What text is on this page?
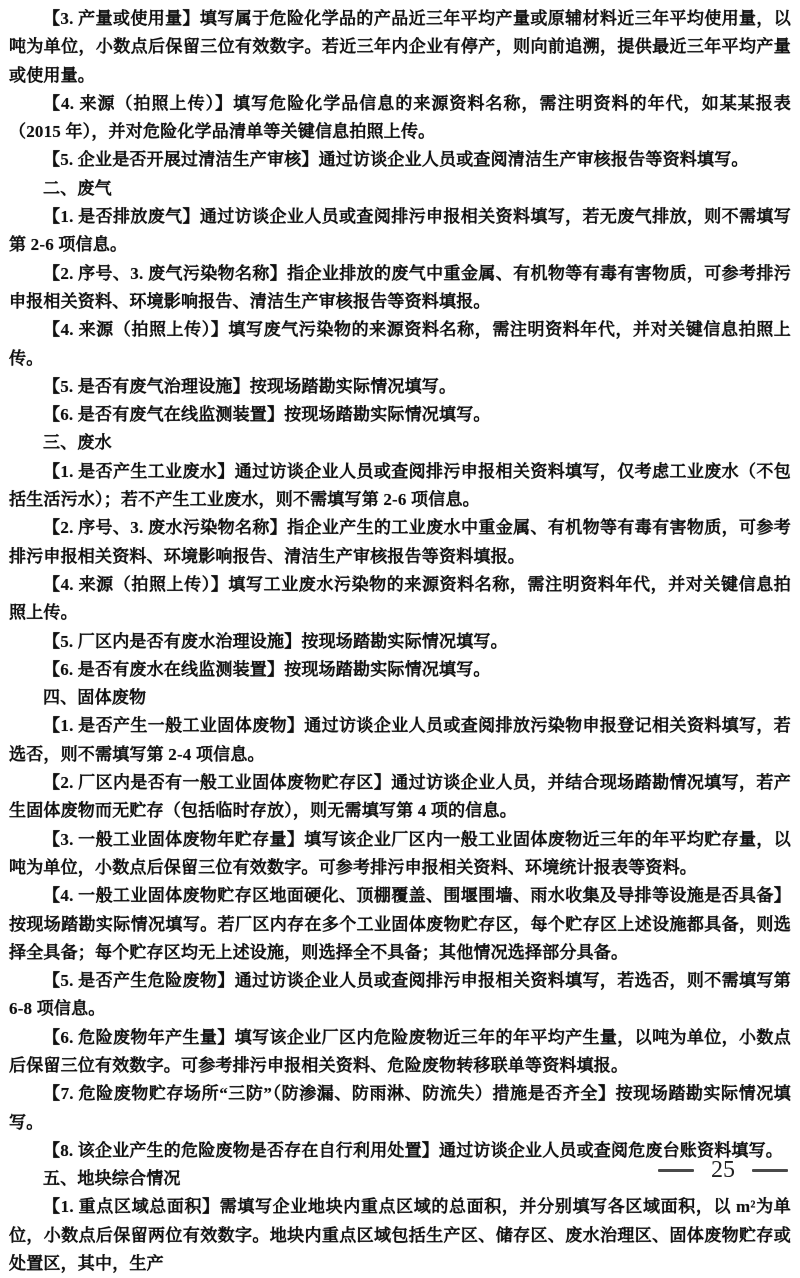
【3. 产量或使用量】填写属于危险化学品的产品近三年平均产量或原辅材料近三年平均使用量，以吨为单位，小数点后保留三位有效数字。若近三年内企业有停产，则向前追溯，提供最近三年平均产量或使用量。

【4. 来源（拍照上传）】填写危险化学品信息的来源资料名称，需注明资料的年代，如某某报表（2015 年），并对危险化学品清单等关键信息拍照上传。

【5. 企业是否开展过清洁生产审核】通过访谈企业人员或查阅清洁生产审核报告等资料填写。

二、废气

【1. 是否排放废气】通过访谈企业人员或查阅排污申报相关资料填写，若无废气排放，则不需填写第 2-6 项信息。

【2. 序号、3. 废气污染物名称】指企业排放的废气中重金属、有机物等有毒有害物质，可参考排污申报相关资料、环境影响报告、清洁生产审核报告等资料填报。

【4. 来源（拍照上传）】填写废气污染物的来源资料名称，需注明资料年代，并对关键信息拍照上传。

【5. 是否有废气治理设施】按现场踏勘实际情况填写。

【6. 是否有废气在线监测装置】按现场踏勘实际情况填写。

三、废水

【1. 是否产生工业废水】通过访谈企业人员或查阅排污申报相关资料填写，仅考虑工业废水（不包括生活污水）；若不产生工业废水，则不需填写第 2-6 项信息。

【2. 序号、3. 废水污染物名称】指企业产生的工业废水中重金属、有机物等有毒有害物质，可参考排污申报相关资料、环境影响报告、清洁生产审核报告等资料填报。

【4. 来源（拍照上传）】填写工业废水污染物的来源资料名称，需注明资料年代，并对关键信息拍照上传。

【5. 厂区内是否有废水治理设施】按现场踏勘实际情况填写。

【6. 是否有废水在线监测装置】按现场踏勘实际情况填写。

四、固体废物

【1. 是否产生一般工业固体废物】通过访谈企业人员或查阅排放污染物申报登记相关资料填写，若选否，则不需填写第 2-4 项信息。

【2. 厂区内是否有一般工业固体废物贮存区】通过访谈企业人员，并结合现场踏勘情况填写，若产生固体废物而无贮存（包括临时存放），则无需填写第 4 项的信息。

【3. 一般工业固体废物年贮存量】填写该企业厂区内一般工业固体废物近三年的年平均贮存量，以吨为单位，小数点后保留三位有效数字。可参考排污申报相关资料、环境统计报表等资料。

【4. 一般工业固体废物贮存区地面硬化、顶棚覆盖、围堰围墙、雨水收集及导排等设施是否具备】按现场踏勘实际情况填写。若厂区内存在多个工业固体废物贮存区，每个贮存区上述设施都具备，则选择全具备；每个贮存区均无上述设施，则选择全不具备；其他情况选择部分具备。

【5. 是否产生危险废物】通过访谈企业人员或查阅排污申报相关资料填写，若选否，则不需填写第 6-8 项信息。

【6. 危险废物年产生量】填写该企业厂区内危险废物近三年的年平均产生量，以吨为单位，小数点后保留三位有效数字。可参考排污申报相关资料、危险废物转移联单等资料填报。

【7. 危险废物贮存场所“三防”（防渗漏、防雨淋、防流失）措施是否齐全】按现场踏勘实际情况填写。

【8. 该企业产生的危险废物是否存在自行利用处置】通过访谈企业人员或查阅危废台账资料填写。

五、地块综合情况

【1. 重点区域总面积】需填写企业地块内重点区域的总面积，并分别填写各区域面积，以 m²为单位，小数点后保留两位有效数字。地块内重点区域包括生产区、储存区、废水治理区、固体废物贮存或处置区，其中，生产

25
